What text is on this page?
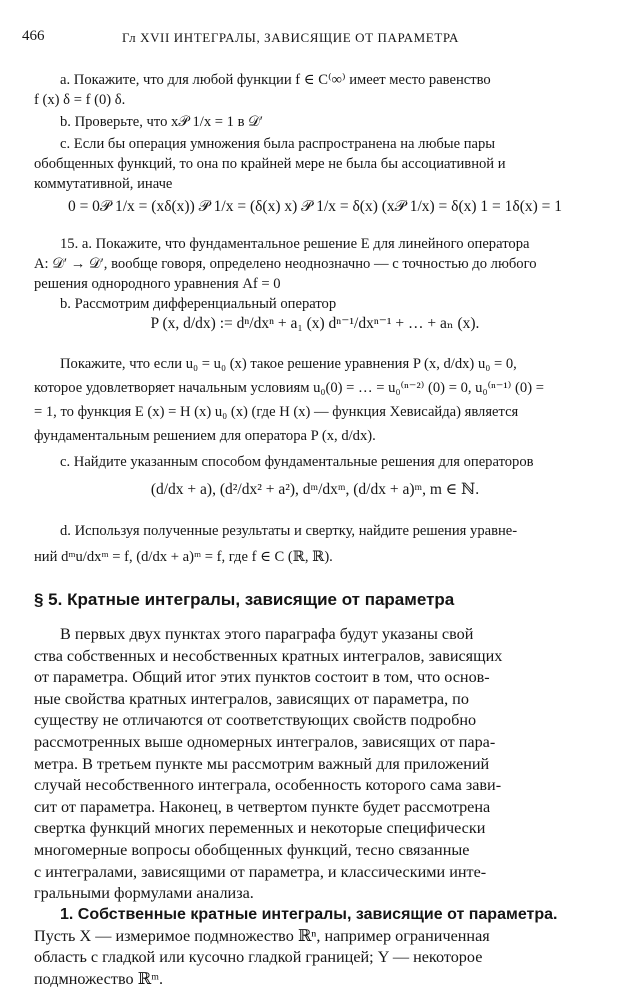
466	Гл XVII ИНТЕГРАЛЫ, ЗАВИСЯЩИЕ ОТ ПАРАМЕТРА
а. Покажите, что для любой функции f ∈ C⁽∞⁾ имеет место равенство
f (x) δ = f (0) δ.
b. Проверьте, что x𝒫 1/x = 1 в 𝒟′
c. Если бы операция умножения была распространена на любые пары
обобщенных функций, то она по крайней мере не была бы ассоциативной и
коммутативной, иначе
0 = 0𝒫 1/x = (xδ(x)) 𝒫 1/x = (δ(x) x) 𝒫 1/x = δ(x) (x𝒫 1/x) = δ(x) 1 = 1δ(x) = 1
15. а. Покажите, что фундаментальное решение E для линейного оператора
A: 𝒟′ → 𝒟′, вообще говоря, определено неоднозначно — с точностью до любого
решения однородного уравнения Af = 0
b. Рассмотрим дифференциальный оператор
P (x, d/dx) := dⁿ/dxⁿ + a₁ (x) dⁿ⁻¹/dxⁿ⁻¹ + … + aₙ (x).
Покажите, что если u₀ = u₀ (x) такое решение уравнения P (x, d/dx) u₀ = 0,
которое удовлетворяет начальным условиям u₀(0) = … = u₀⁽ⁿ⁻²⁾ (0) = 0, u₀⁽ⁿ⁻¹⁾ (0) =
= 1, то функция E (x) = H (x) u₀ (x) (где H (x) — функция Хевисайда) является
фундаментальным решением для оператора P (x, d/dx).
c. Найдите указанным способом фундаментальные решения для операторов
(d/dx + a), (d²/dx² + a²), dᵐ/dxᵐ, (d/dx + a)ᵐ, m ∈ ℕ.
d. Используя полученные результаты и свертку, найдите решения уравне-
ний dᵐu/dxᵐ = f, (d/dx + a)ᵐ = f, где f ∈ C (ℝ, ℝ).
§ 5. Кратные интегралы, зависящие от параметра
В первых двух пунктах этого параграфа будут указаны свой
ства собственных и несобственных кратных интегралов, зависящих
от параметра. Общий итог этих пунктов состоит в том, что основ-
ные свойства кратных интегралов, зависящих от параметра, по
существу не отличаются от соответствующих свойств подробно
рассмотренных выше одномерных интегралов, зависящих от пара-
метра. В третьем пункте мы рассмотрим важный для приложений
случай несобственного интеграла, особенность которого сама зави-
сит от параметра. Наконец, в четвертом пункте будет рассмотрена
свертка функций многих переменных и некоторые специфически
многомерные вопросы обобщенных функций, тесно связанные
с интегралами, зависящими от параметра, и классическими инте-
гральными формулами анализа.
1. Собственные кратные интегралы, зависящие от параметра.
Пусть X — измеримое подмножество ℝⁿ, например ограниченная
область с гладкой или кусочно гладкой границей; Y — некоторое
подмножество ℝᵐ.
